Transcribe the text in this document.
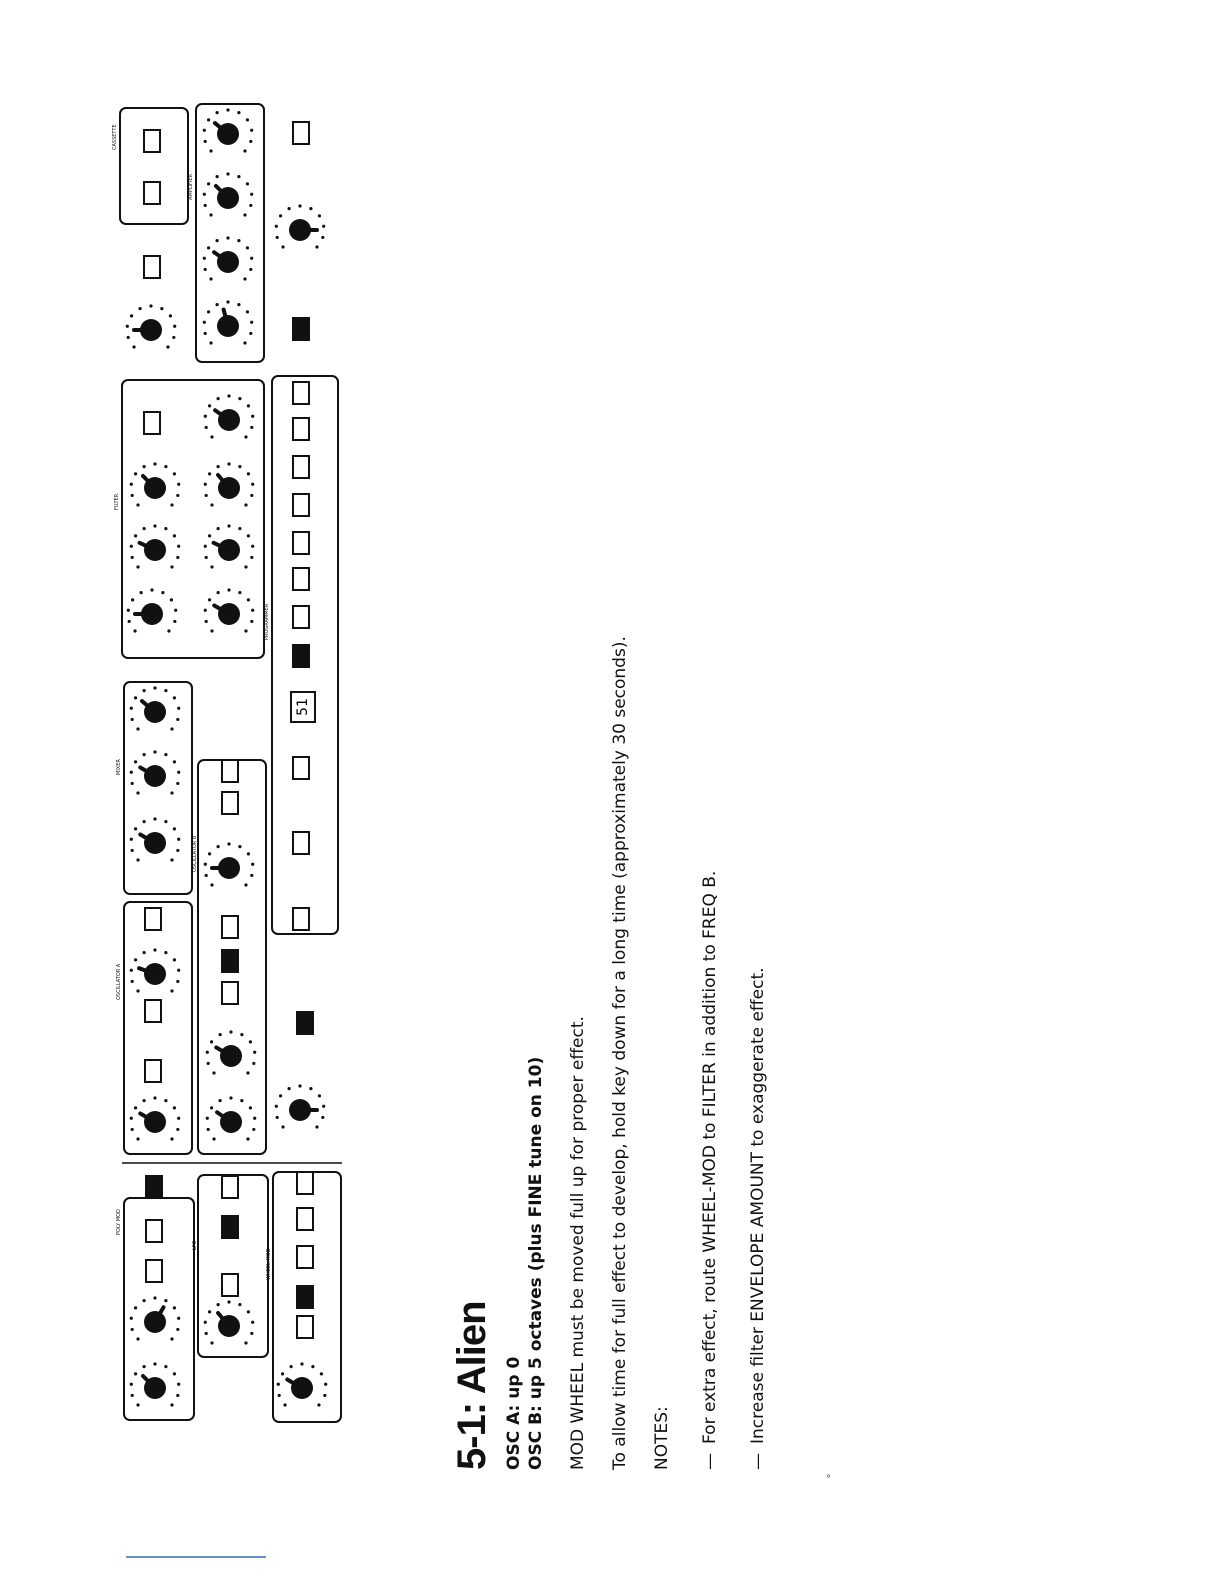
51
POLY MOD
LFO
WHEEL MOD
OSCILLATOR A
OSCILLATOR B
MIXER
FILTER
PROGRAMMER
AMPLIFIER
CASSETTE
5-1: Alien OSC A: up 0 OSC B: up 5 octaves (plus FINE tune on 10) MOD WHEEL must be moved full up for proper effect. To allow time for full effect to develop, hold key down for a long time (approximately 30 seconds). NOTES: —For extra effect, route WHEEL-MOD to FILTER in addition to FREQ B.

—Increase filter ENVELOPE AMOUNT to exaggerate effect.

°
